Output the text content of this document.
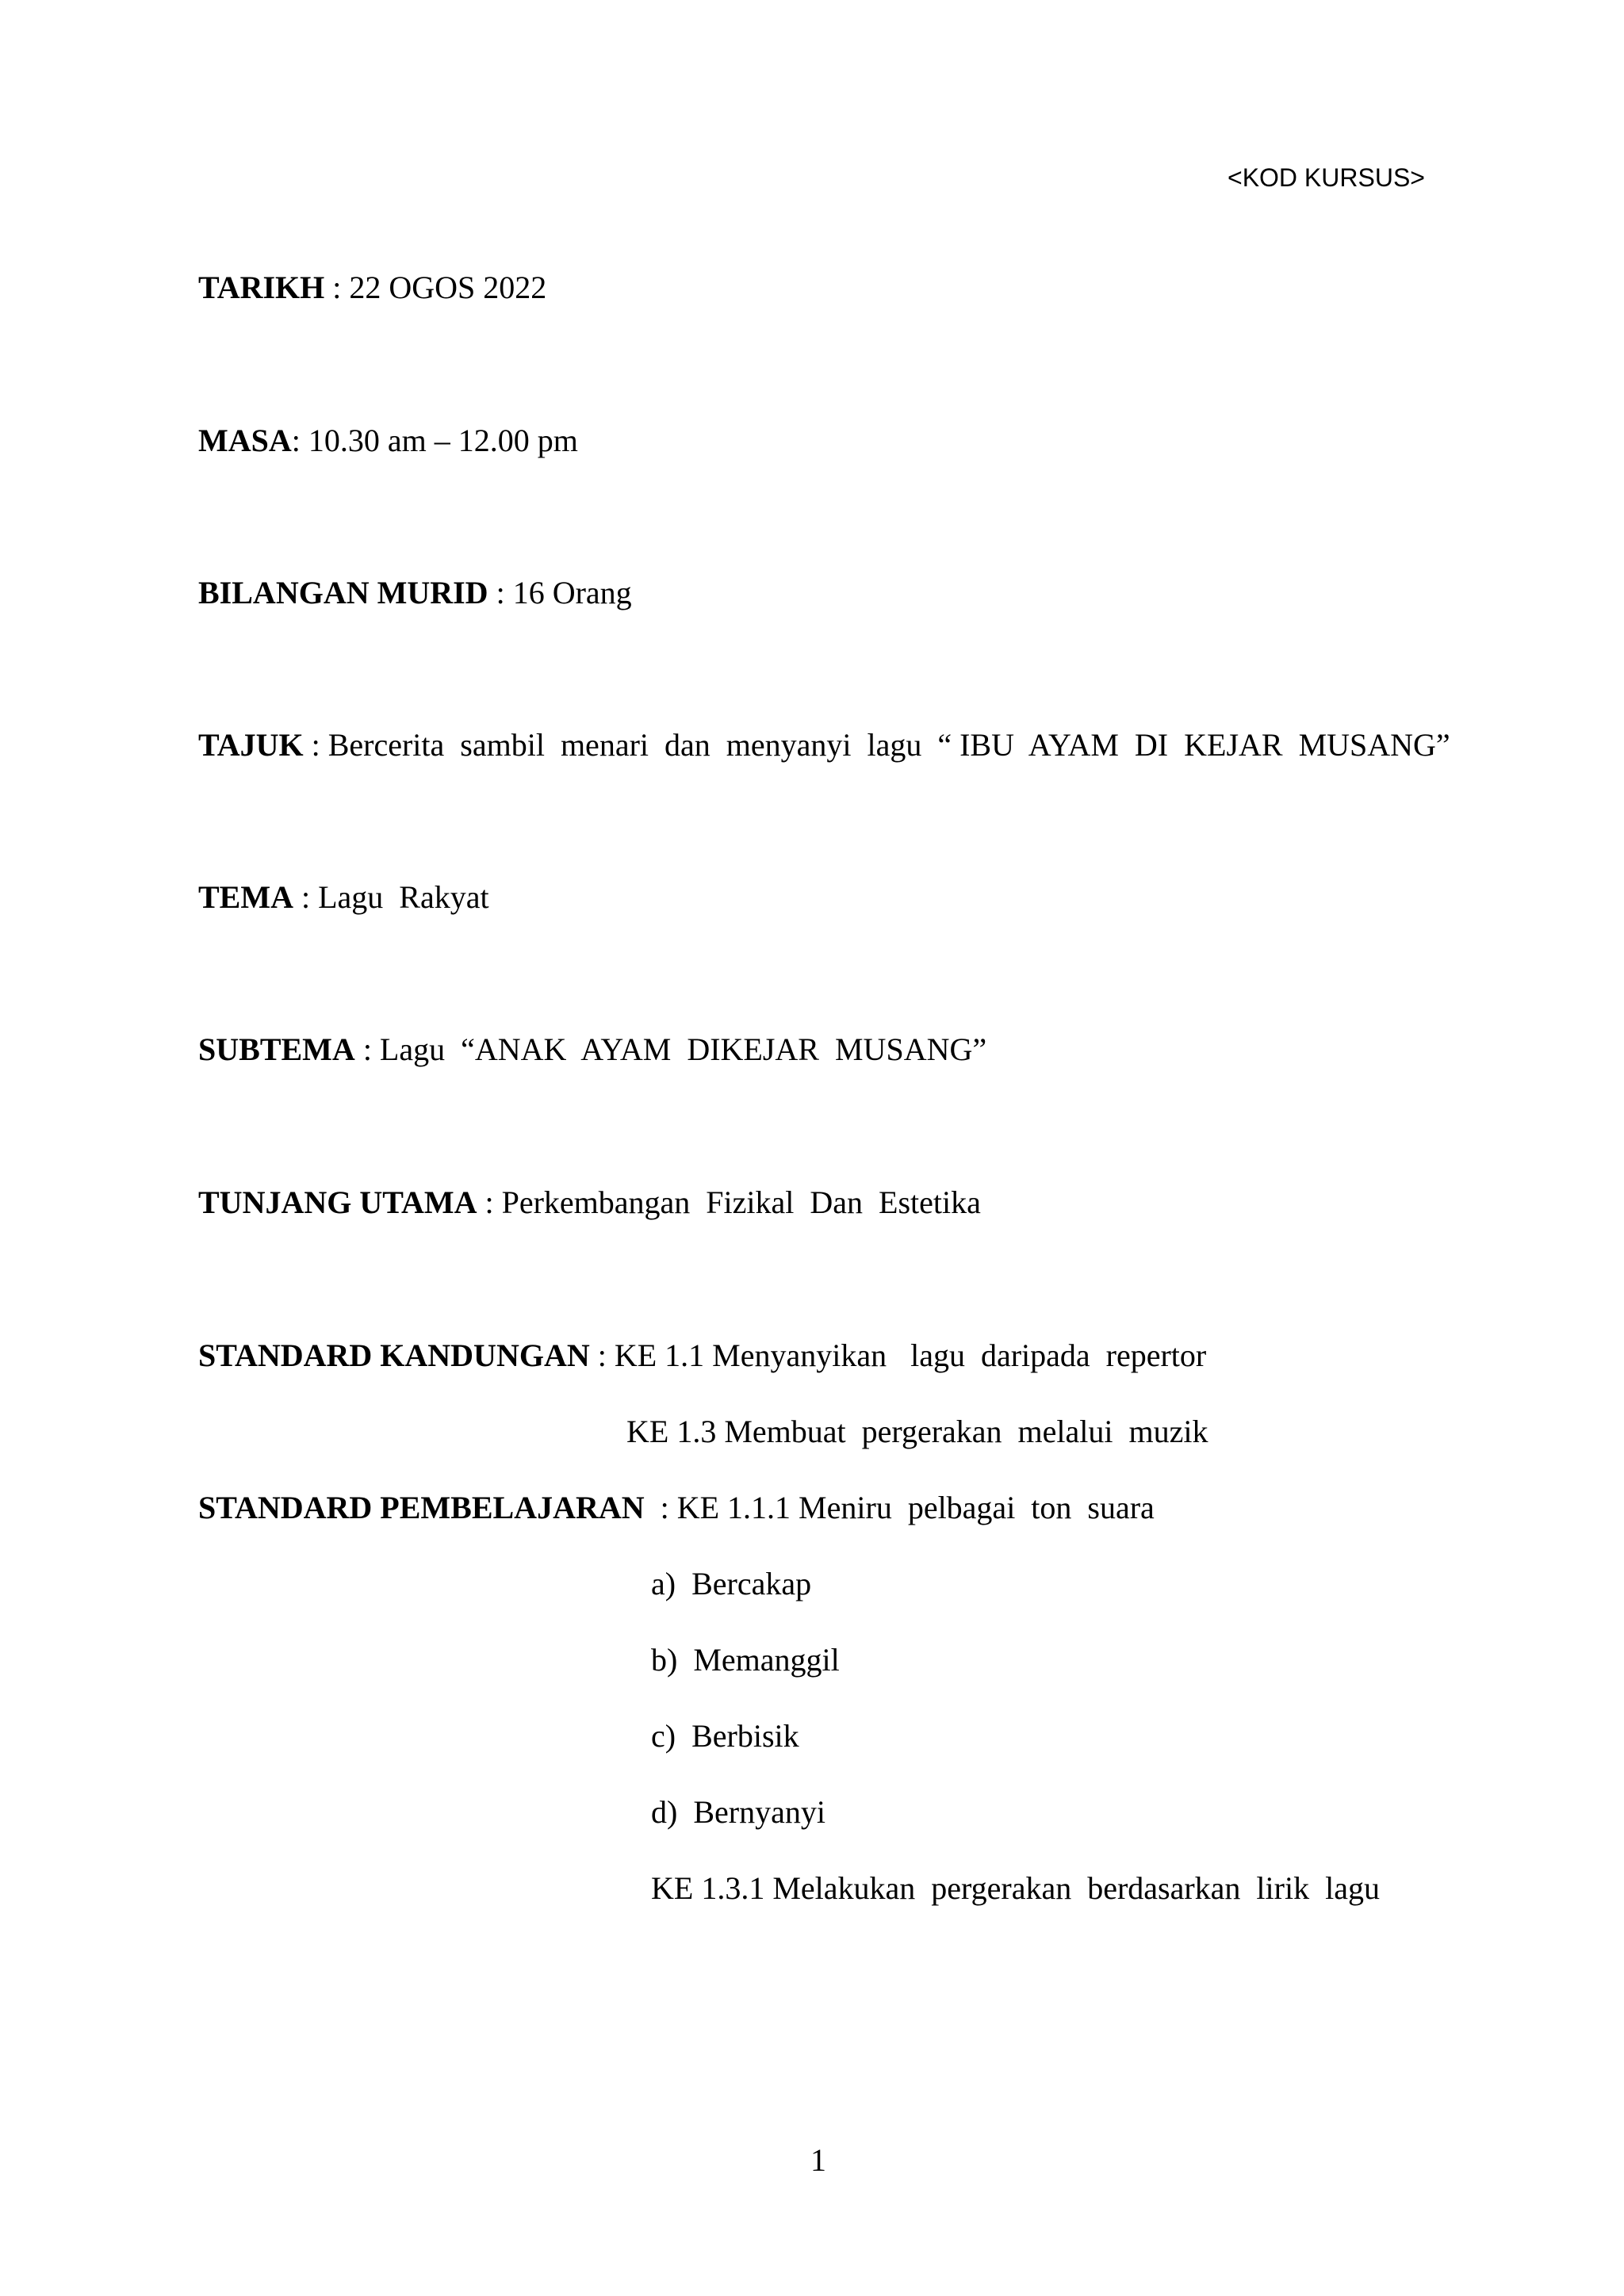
<KOD KURSUS>
TARIKH : 22 OGOS 2022
MASA: 10.30 am – 12.00 pm
BILANGAN MURID : 16 Orang
TAJUK : Bercerita  sambil  menari  dan  menyanyi  lagu  “ IBU  AYAM  DI  KEJAR  MUSANG”
TEMA : Lagu  Rakyat
SUBTEMA : Lagu  “ANAK  AYAM  DIKEJAR  MUSANG”
TUNJANG UTAMA : Perkembangan  Fizikal  Dan  Estetika
STANDARD KANDUNGAN : KE 1.1 Menyanyikan   lagu  daripada  repertor
KE 1.3 Membuat  pergerakan  melalui  muzik
STANDARD PEMBELAJARAN  : KE 1.1.1 Meniru  pelbagai  ton  suara
a)  Bercakap
b)  Memanggil
c)  Berbisik
d)  Bernyanyi
KE 1.3.1 Melakukan  pergerakan  berdasarkan  lirik  lagu
1
